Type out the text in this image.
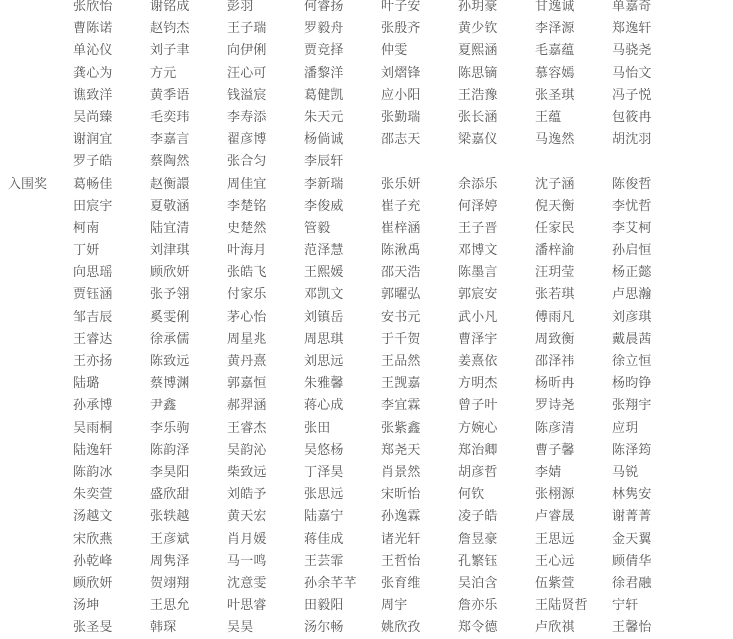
张欣怡	谢铭成	彭羽	何睿扬	叶子安	孙玥豪	甘逸诚	单嘉奇
曹陈诺	赵钧杰	王子瑞	罗毅舟	张殷齐	黄少钦	李泽源	郑逸轩
单沁仪	刘子聿	向伊俐	贾竞择	仲雯	夏熙涵	毛嘉蕴	马骁尧
龚心为	方元	汪心可	潘黎洋	刘熠锋	陈思镝	慕容嫣	马怡文
谯致洋	黄季语	钱溢宸	葛健凯	应小阳	王浩豫	张圣琪	冯子悦
吴尚臻	毛奕玮	李寿添	朱天元	张勤瑞	张长涵	王蕴	包筱冉
谢润宜	李嘉言	翟彦博	杨倘诚	邵志天	梁嘉仪	马逸然	胡沈羽
罗子皓	蔡陶然	张合匀	李辰轩
入围奖	葛畅佳	赵衡譞	周佳宜	李新瑞	张乐妍	余添乐	沈子涵	陈俊哲
田宸宇	夏敬涵	李楚铭	李俊威	崔子充	何泽婷	倪天衡	李忧哲
柯南	陆宜清	史楚然	管毅	崔梓涵	王子晋	任家民	李艾柯
丁妍	刘津琪	叶海月	范泽慧	陈湫禹	邓博文	潘梓渝	孙启恒
向思瑶	顾欣妍	张皓飞	王熙媛	邵天浩	陈墨言	汪玥莹	杨正懿
贾钰涵	张予翎	付家乐	邓凯文	郭曜弘	郭宸安	张若琪	卢思瀚
邹吉辰	奚雯俐	茅心怡	刘镇岳	安书元	武小凡	傅雨凡	刘彦琪
王睿达	徐承儒	周星兆	周思琪	于千贺	曹泽宇	周致衡	戴晨茜
王亦扬	陈致远	黄丹熹	刘思远	王品然	姜熹依	邵泽祎	徐立恒
陆璐	蔡博渊	郭嘉恒	朱雅馨	王觊嘉	方明杰	杨昕冉	杨昀铮
孙承博	尹鑫	郝羿涵	蒋心成	李宜霖	曾子叶	罗诗尧	张翔宇
吴雨桐	李乐驹	王睿杰	张田	张紫鑫	方婉心	陈彦清	应玥
陆逸轩	陈韵泽	吴韵沁	吴悠杨	郑尧天	郑治卿	曹子馨	陈泽筠
陈韵冰	李昊阳	柴致远	丁泽昊	肖景然	胡彦哲	李婧	马锐
朱奕萱	盛欣甜	刘皓予	张思远	宋昕怡	何钦	张栩源	林隽安
汤越文	张轶越	黄天宏	陆嘉宁	孙逸霖	凌子皓	卢睿晟	谢菁菁
宋欣燕	王彦斌	肖月媛	蒋佳成	诸光轩	詹昱豪	王思远	金天翼
孙乾峰	周隽泽	马一鸣	王芸霏	王哲怡	孔繁钰	王心远	顾倩华
顾欣妍	贺翊翔	沈意雯	孙余芊芊	张育维	吴泊含	伍紫萱	徐君融
汤坤	王思允	叶思睿	田毅阳	周宇	詹亦乐	王陆贤哲	宁轩
张圣旻	韩琛	吴昊	汤尔畅	姚欣孜	郑令德	卢欣祺	王馨怡
